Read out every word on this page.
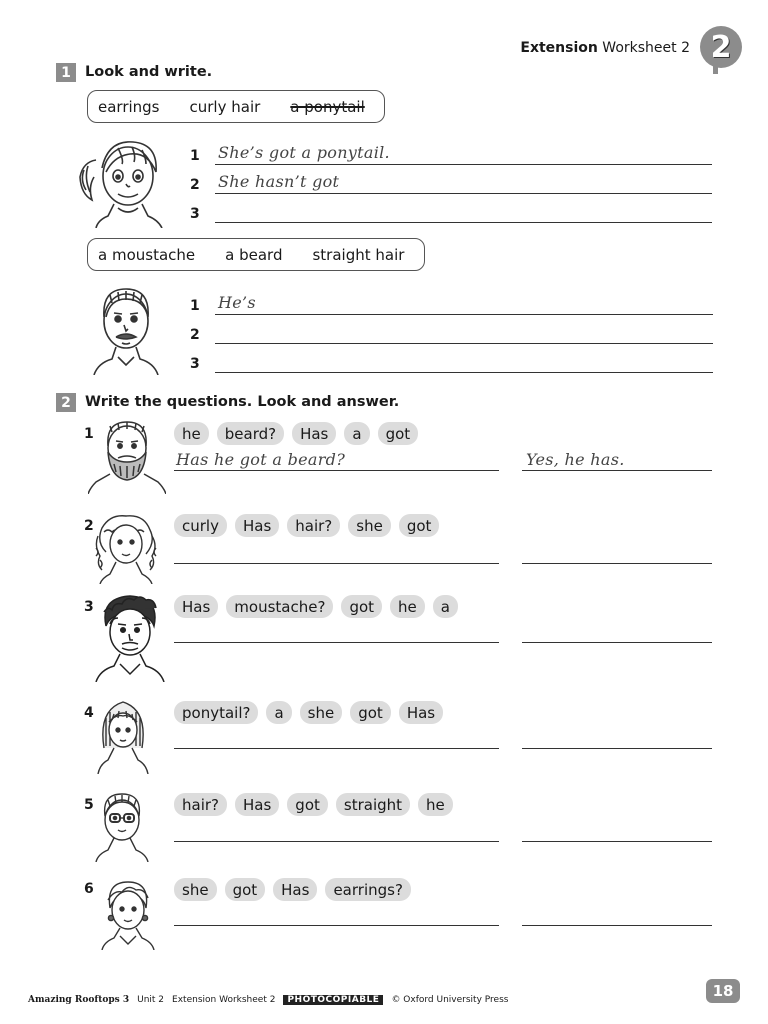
Extension Worksheet 2 2
1 Look and write.
earrings curly hair a ponytail
1 She’s got a ponytail.
2 She hasn’t got
3
a moustache a beard straight hair
1 He’s
2
3
2 Write the questions. Look and answer.
1	he	beard?	Has	a	got
Has he got a beard?	Yes, he has.
2	curly	Has	hair?	she	got
3	Has	moustache?	got	he	a
4	ponytail?	a	she	got	Has
5	hair?	Has	got	straight	he
6	she	got	Has	earrings?
Amazing Rooftops 3 Unit 2 Extension Worksheet 2	PHOTOCOPIABLE	© Oxford University Press	18
